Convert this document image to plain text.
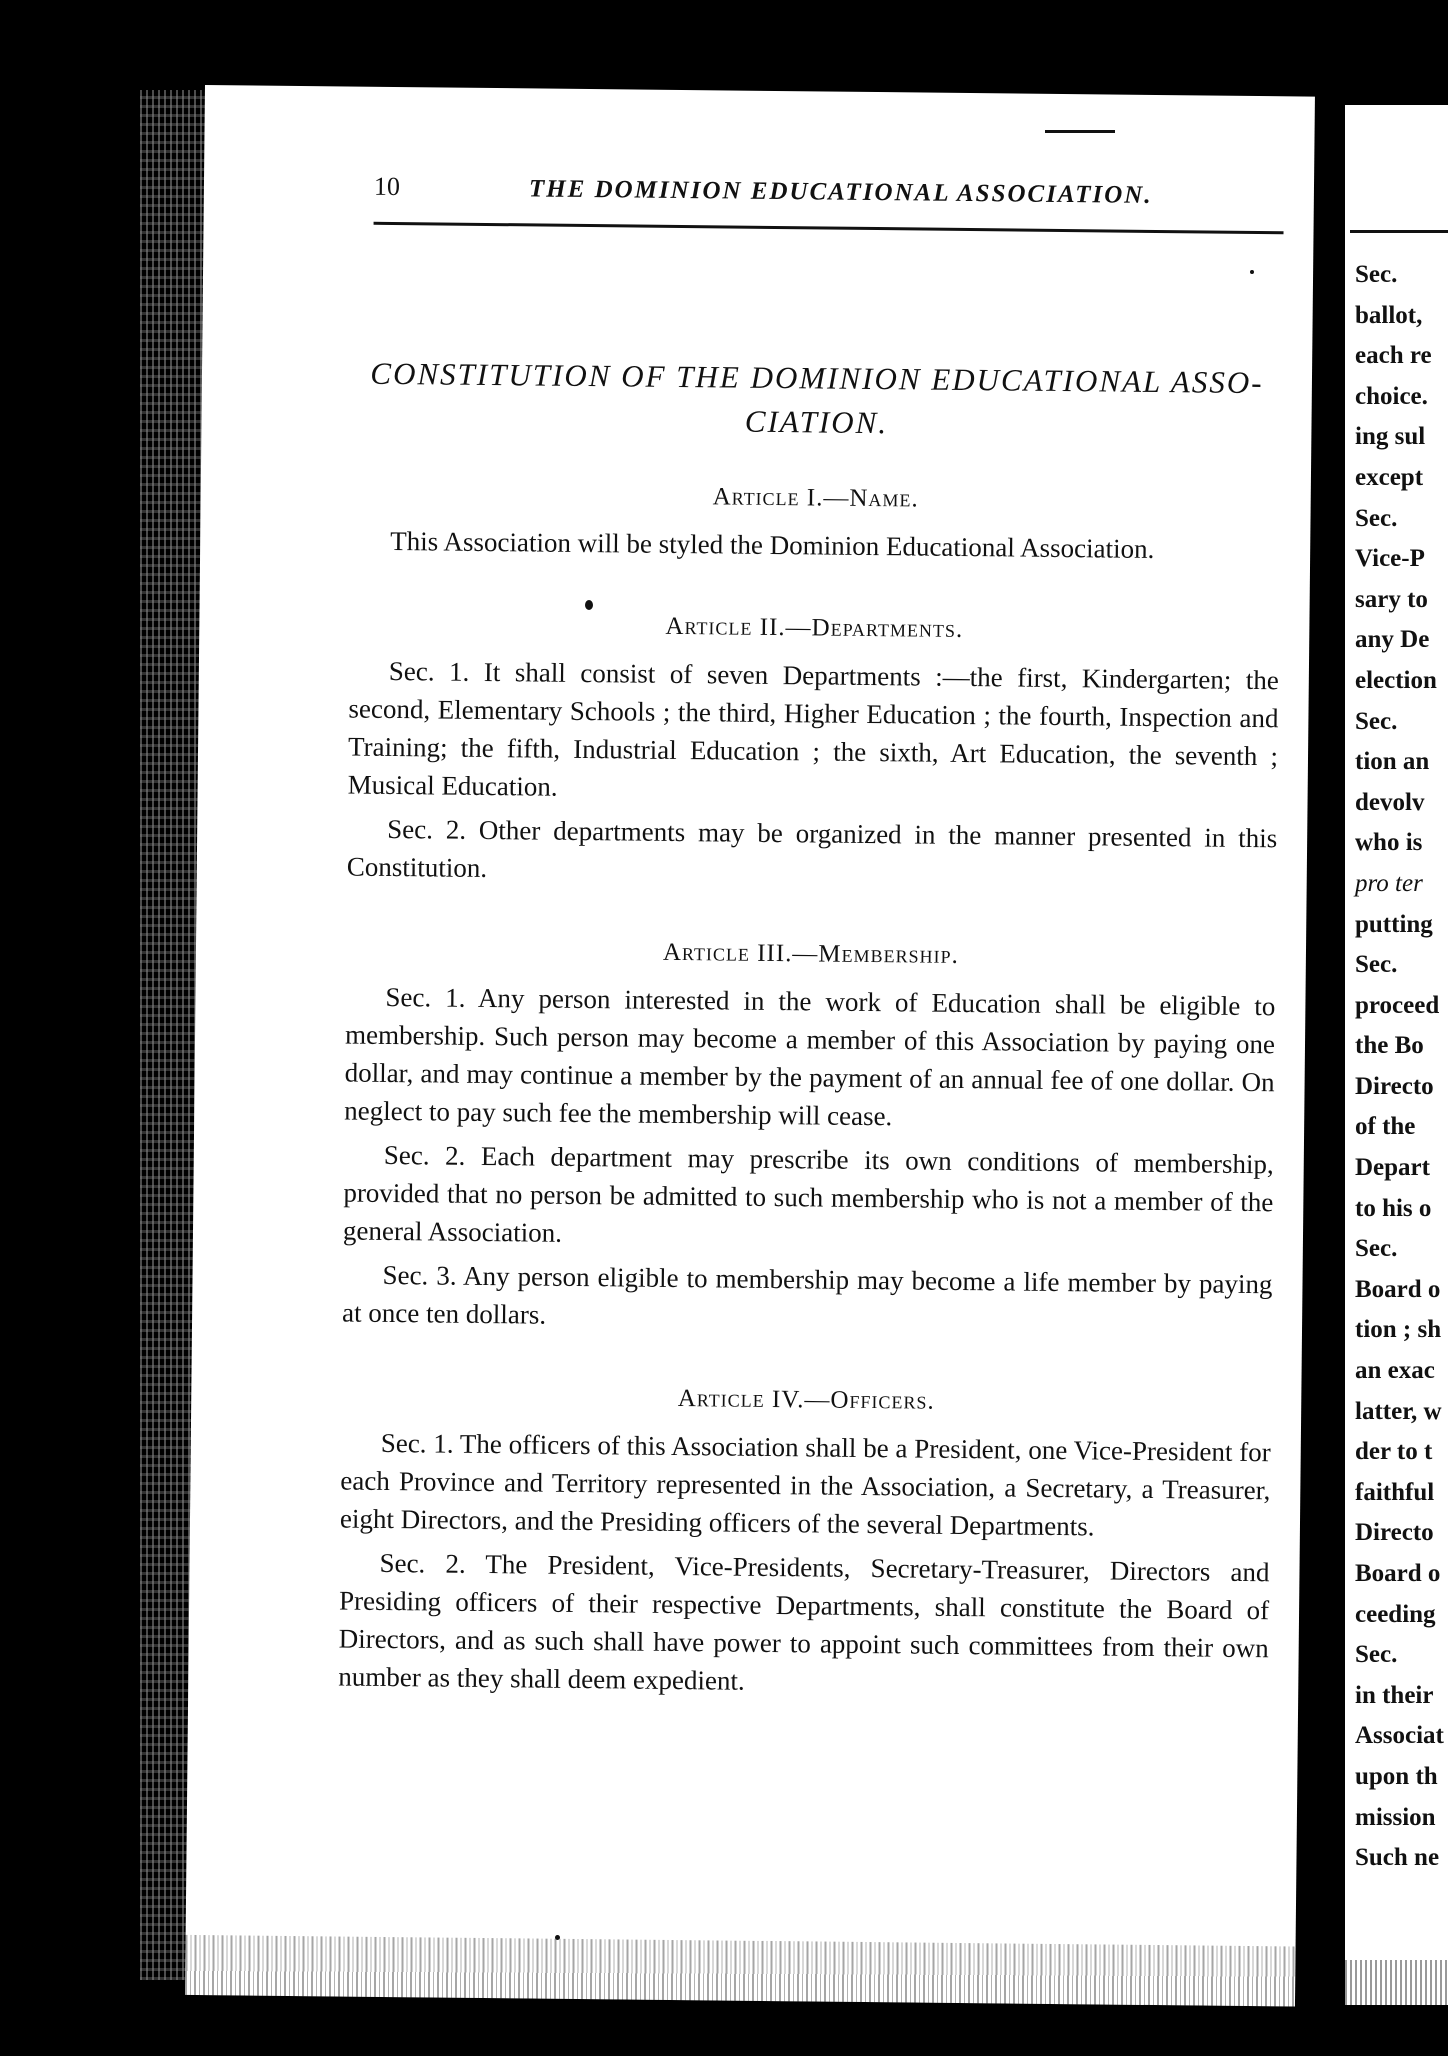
10	THE DOMINION EDUCATIONAL ASSOCIATION.
CONSTITUTION OF THE DOMINION EDUCATIONAL ASSO-CIATION.
Article I.—Name.

This Association will be styled the Dominion Educational Association.

Article II.—Departments.

Sec. 1. It shall consist of seven Departments :—the first, Kindergarten; the second, Elementary Schools ; the third, Higher Education ; the fourth, Inspection and Training; the fifth, Industrial Education ; the sixth, Art Education, the seventh ; Musical Education.

Sec. 2. Other departments may be organized in the manner presented in this Constitution.

Article III.—Membership.

Sec. 1. Any person interested in the work of Education shall be eligible to membership. Such person may become a member of this Association by paying one dollar, and may continue a member by the payment of an annual fee of one dollar. On neglect to pay such fee the membership will cease.

Sec. 2. Each department may prescribe its own conditions of membership, provided that no person be admitted to such membership who is not a member of the general Association.

Sec. 3. Any person eligible to membership may become a life member by paying at once ten dollars.

Article IV.—Officers.

Sec. 1. The officers of this Association shall be a President, one Vice-President for each Province and Territory represented in the Association, a Secretary, a Treasurer, eight Directors, and the Presiding officers of the several Departments.

Sec. 2. The President, Vice-Presidents, Secretary-Treasurer, Directors and Presiding officers of their respective Departments, shall constitute the Board of Directors, and as such shall have power to appoint such committees from their own number as they shall deem expedient.

Sec.
ballot,
each re
choice.
ing sul
except
Sec.
Vice-P
sary to
any De
election
Sec.
tion an
devolv
who is
pro ter
putting
Sec.
proceed
the Bo
Directo
of the
Depart
to his o
Sec.
Board o
tion ; sh
an exac
latter, w
der to t
faithful
Directo
Board o
ceeding
Sec.
in their
Associat
upon th
mission
Such ne
